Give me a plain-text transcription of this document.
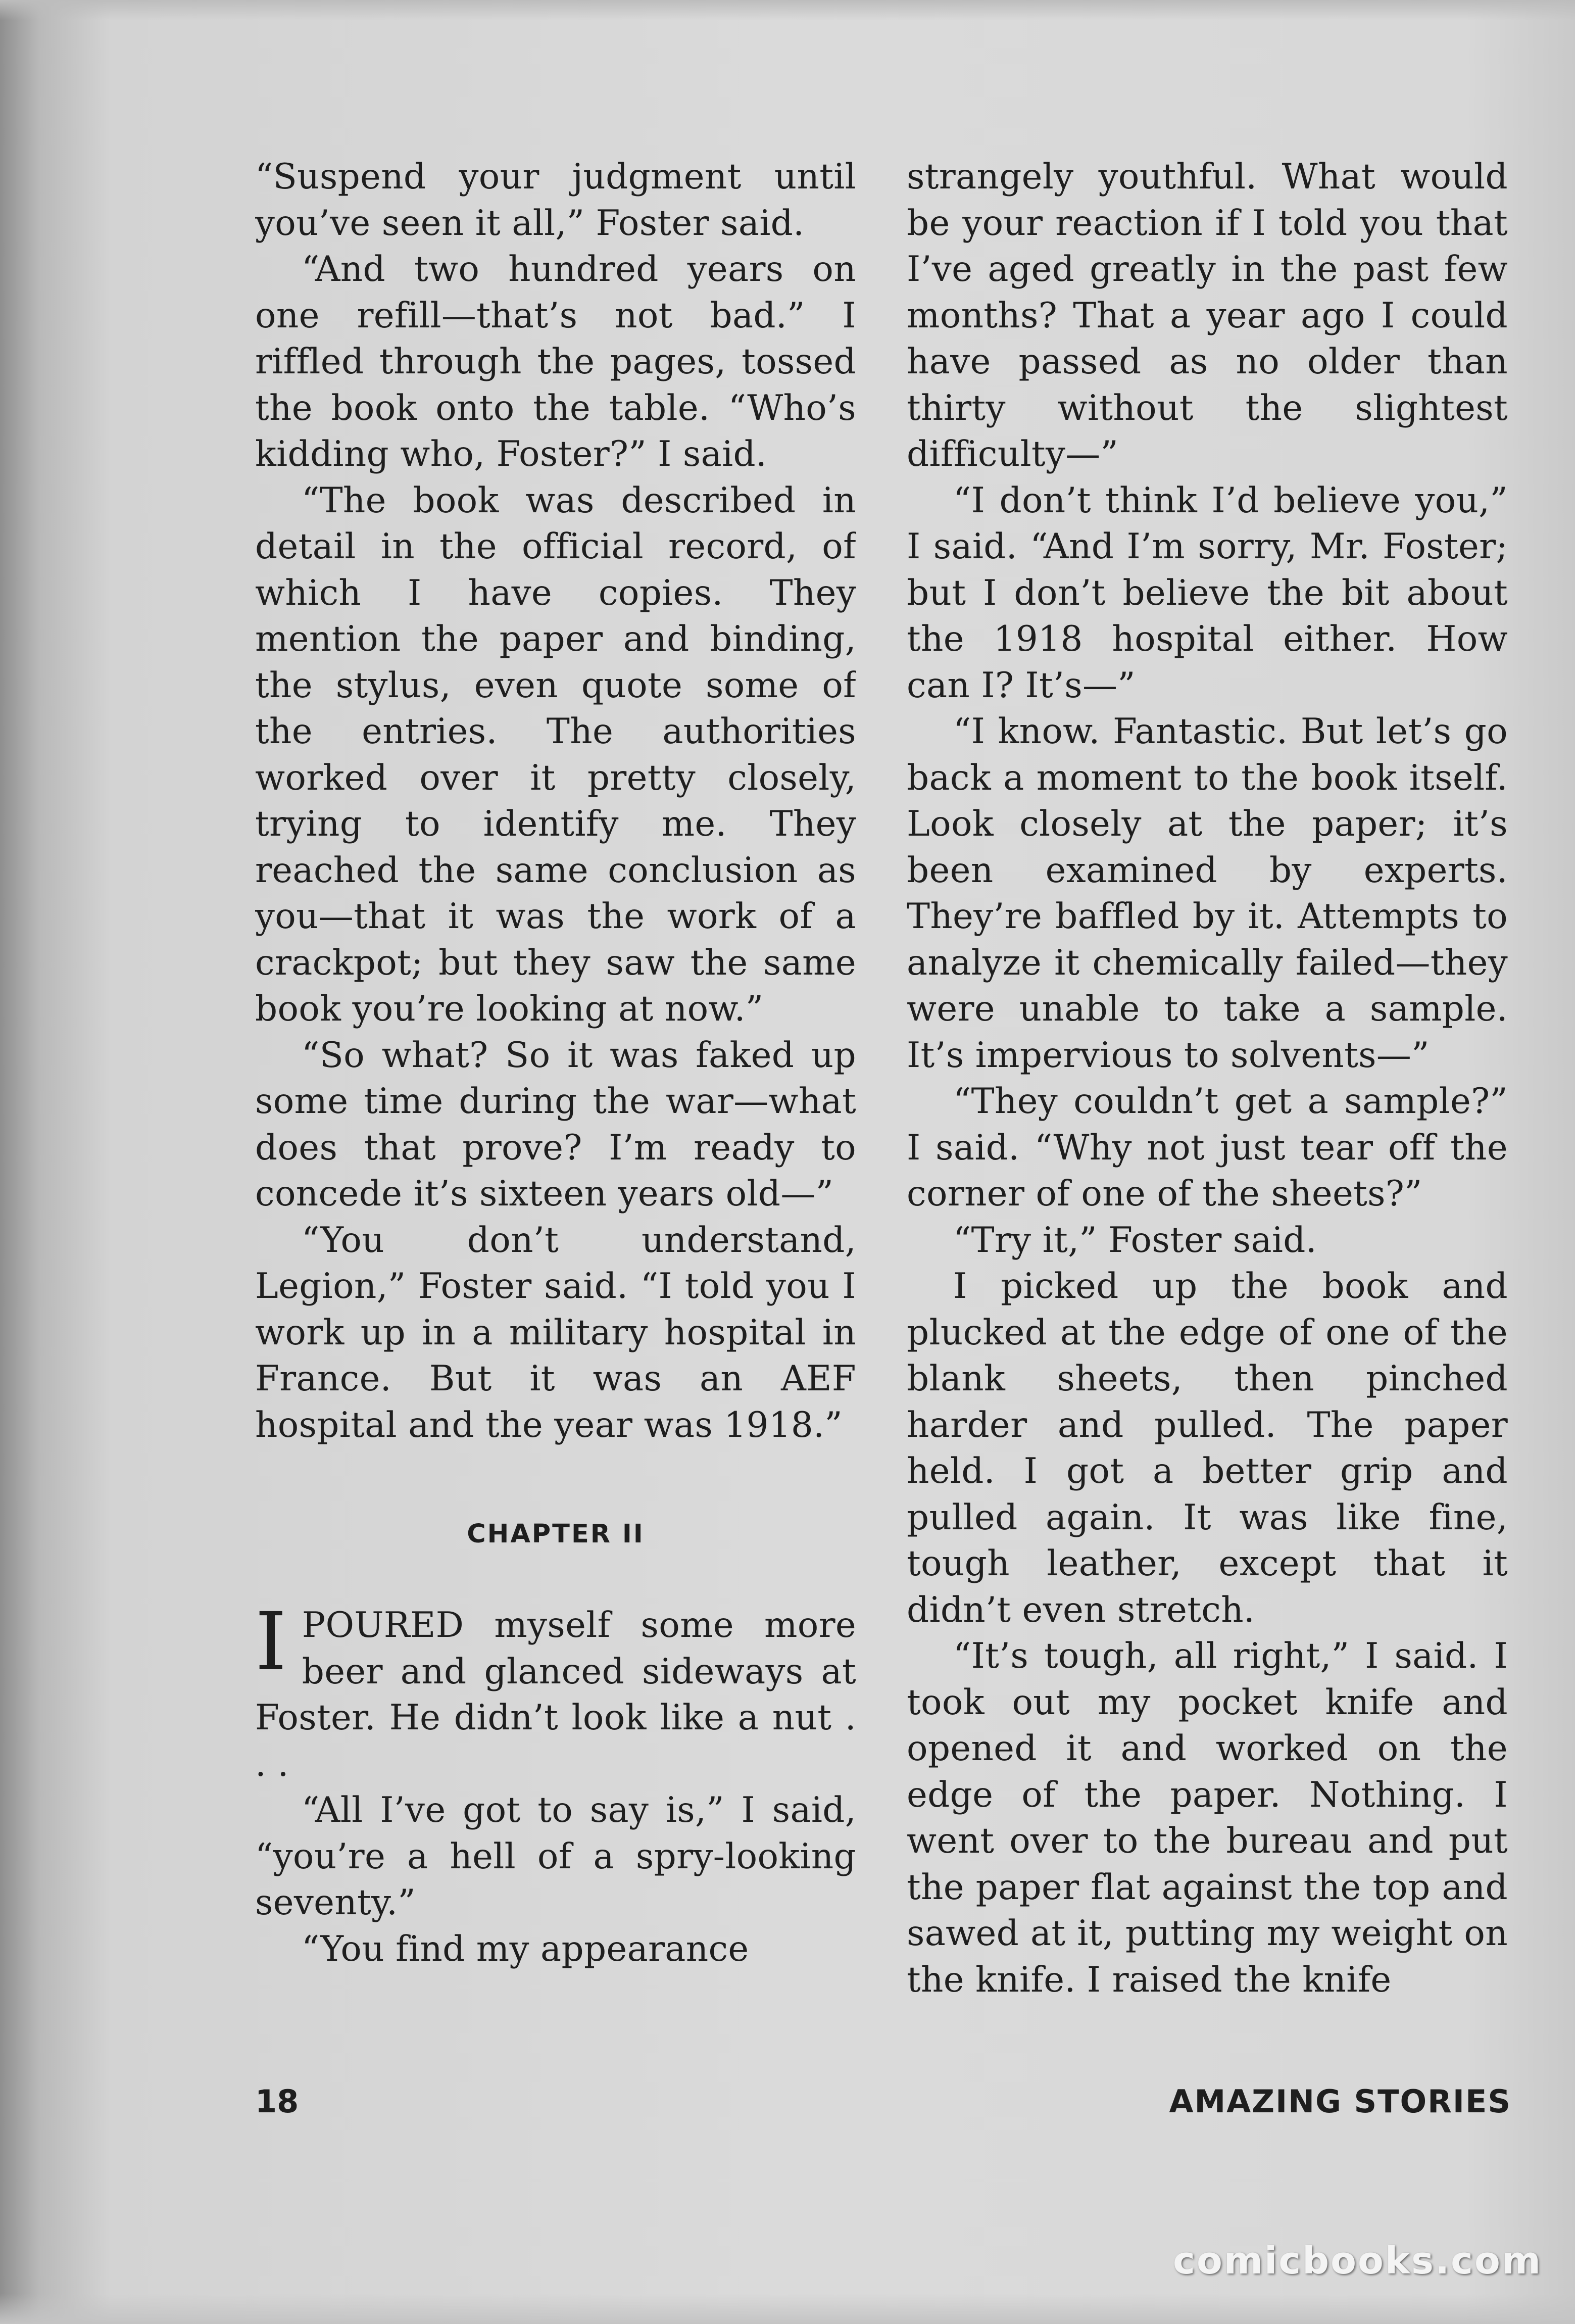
“Suspend your judgment until you’ve seen it all,” Foster said.

“And two hundred years on one refill—that’s not bad.” I riffled through the pages, tossed the book onto the table. “Who’s kidding who, Foster?” I said.

“The book was described in detail in the official record, of which I have copies. They mention the paper and binding, the stylus, even quote some of the entries. The authorities worked over it pretty closely, trying to identify me. They reached the same conclusion as you—that it was the work of a crackpot; but they saw the same book you’re looking at now.”

“So what? So it was faked up some time during the war—what does that prove? I’m ready to concede it’s sixteen years old—”

“You don’t understand, Legion,” Foster said. “I told you I work up in a military hospital in France. But it was an AEF hospital and the year was 1918.”

CHAPTER II

IPOURED myself some more beer and glanced sideways at Foster. He didn’t look like a nut . . .

“All I’ve got to say is,” I said, “you’re a hell of a spry-looking seventy.”

“You find my appearance

strangely youthful. What would be your reaction if I told you that I’ve aged greatly in the past few months? That a year ago I could have passed as no older than thirty without the slightest difficulty—”

“I don’t think I’d believe you,” I said. “And I’m sorry, Mr. Foster; but I don’t believe the bit about the 1918 hospital either. How can I? It’s—”

“I know. Fantastic. But let’s go back a moment to the book itself. Look closely at the paper; it’s been examined by experts. They’re baffled by it. Attempts to analyze it chemically failed—they were unable to take a sample. It’s impervious to solvents—”

“They couldn’t get a sample?” I said. “Why not just tear off the corner of one of the sheets?”

“Try it,” Foster said.

I picked up the book and plucked at the edge of one of the blank sheets, then pinched harder and pulled. The paper held. I got a better grip and pulled again. It was like fine, tough leather, except that it didn’t even stretch.

“It’s tough, all right,” I said. I took out my pocket knife and opened it and worked on the edge of the paper. Nothing. I went over to the bureau and put the paper flat against the top and sawed at it, putting my weight on the knife. I raised the knife

18	AMAZING STORIES
comicbooks.com
